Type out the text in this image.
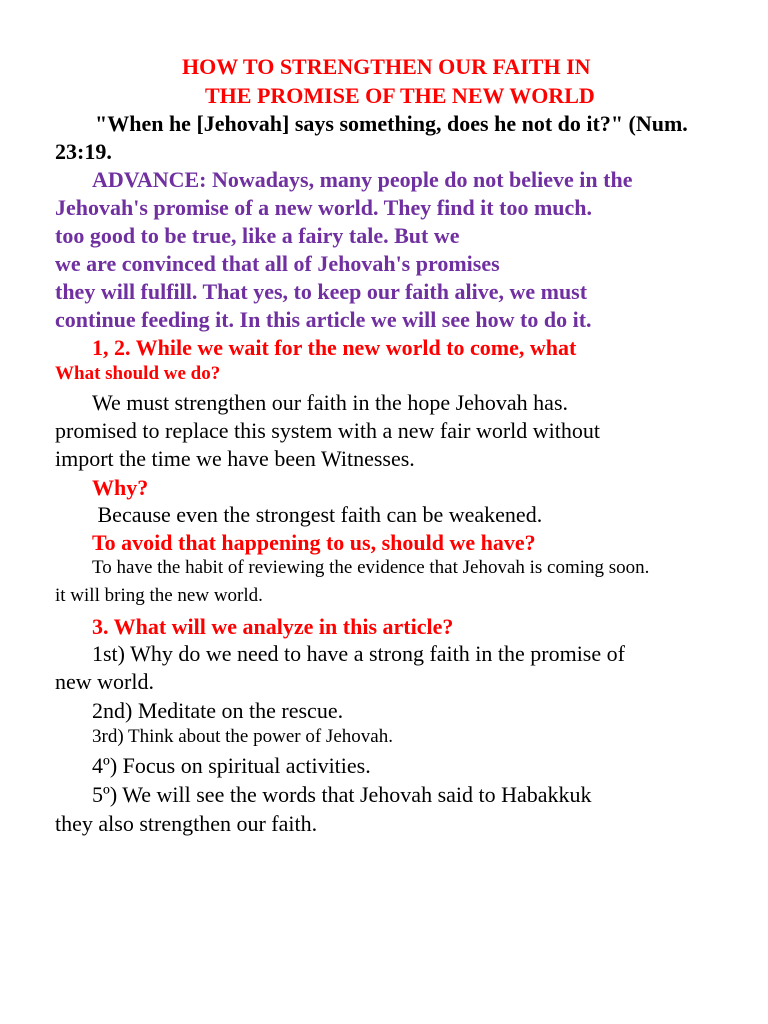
HOW TO STRENGTHEN OUR FAITH IN
THE PROMISE OF THE NEW WORLD
"When he [Jehovah] says something, does he not do it?" (Num.
23:19.
ADVANCE: Nowadays, many people do not believe in the
Jehovah's promise of a new world. They find it too much.
too good to be true, like a fairy tale. But we
we are convinced that all of Jehovah's promises
they will fulfill. That yes, to keep our faith alive, we must
continue feeding it. In this article we will see how to do it.
1, 2. While we wait for the new world to come, what
What should we do?
We must strengthen our faith in the hope Jehovah has.
promised to replace this system with a new fair world without
import the time we have been Witnesses.
Why?
Because even the strongest faith can be weakened.
To avoid that happening to us, should we have?
To have the habit of reviewing the evidence that Jehovah is coming soon.
it will bring the new world.
3. What will we analyze in this article?
1st) Why do we need to have a strong faith in the promise of
new world.
2nd) Meditate on the rescue.
3rd) Think about the power of Jehovah.
4º) Focus on spiritual activities.
5º) We will see the words that Jehovah said to Habakkuk
they also strengthen our faith.
